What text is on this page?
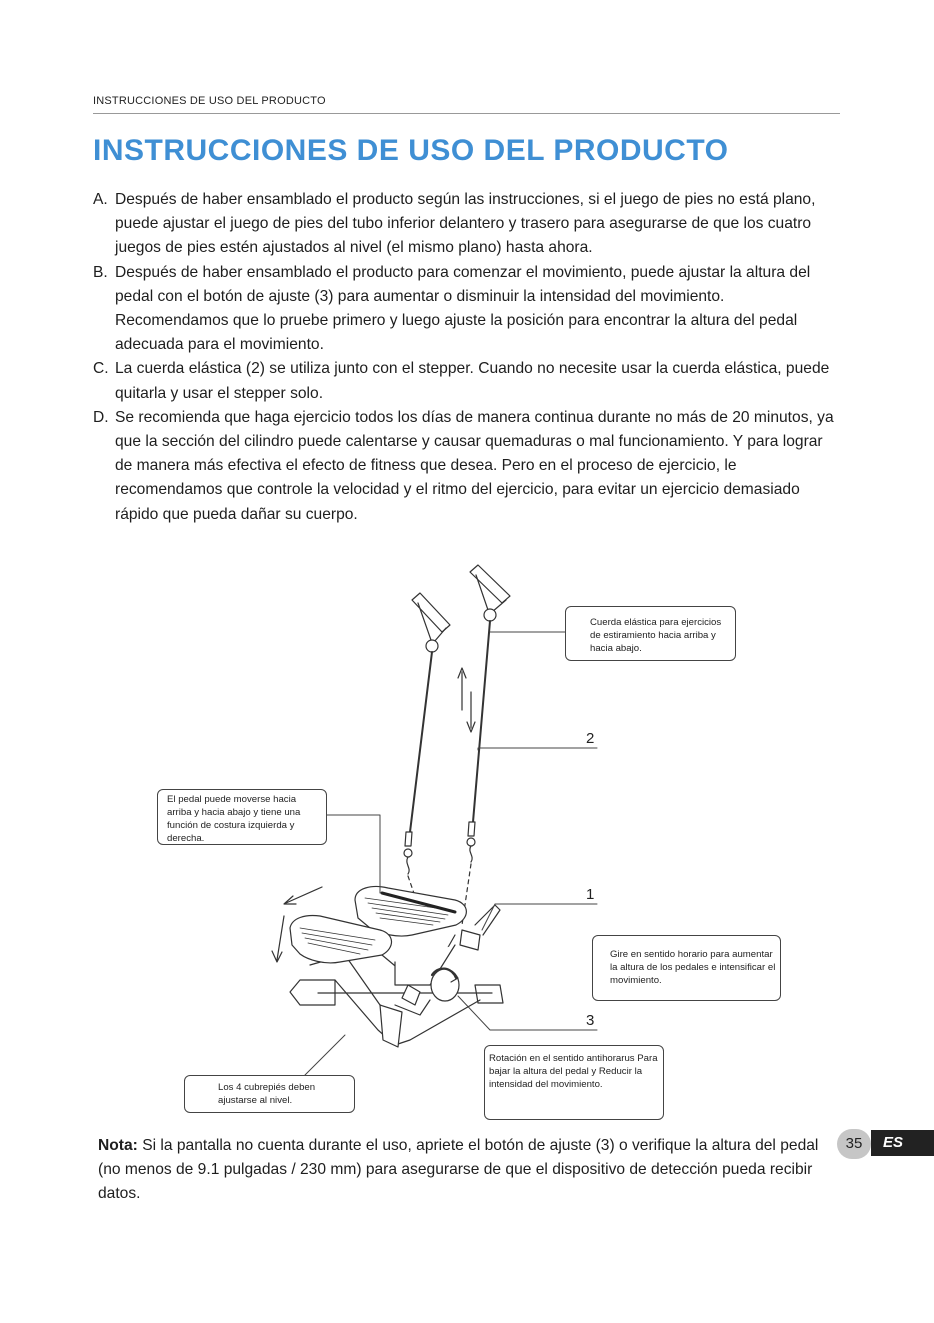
INSTRUCCIONES DE USO DEL PRODUCTO
INSTRUCCIONES DE USO DEL PRODUCTO
A. Después de haber ensamblado el producto según las instrucciones, si el juego de pies no está plano, puede ajustar el juego de pies del tubo inferior delantero y trasero para asegurarse de que los cuatro juegos de pies estén ajustados al nivel (el mismo plano) hasta ahora.
B. Después de haber ensamblado el producto para comenzar el movimiento, puede ajustar la altura del pedal con el botón de ajuste (3) para aumentar o disminuir la intensidad del movimiento. Recomendamos que lo pruebe primero y luego ajuste la posición para encontrar la altura del pedal adecuada para el movimiento.
C. La cuerda elástica (2) se utiliza junto con el stepper. Cuando no necesite usar la cuerda elástica, puede quitarla y usar el stepper solo.
D. Se recomienda que haga ejercicio todos los días de manera continua durante no más de 20 minutos, ya que la sección del cilindro puede calentarse y causar quemaduras o mal funcionamiento. Y para lograr de manera más efectiva el efecto de fitness que desea. Pero en el proceso de ejercicio, le recomendamos que controle la velocidad y el ritmo del ejercicio, para evitar un ejercicio demasiado rápido que pueda dañar su cuerpo.
Cuerda elástica para ejercicios de estiramiento hacia arriba y hacia abajo.
2
El pedal puede moverse hacia arriba y hacia abajo y tiene una función de costura izquierda y derecha.
1
Gire en sentido horario para aumentar la altura de los pedales e intensificar el movimiento.
3
Rotación en el sentido antihorarus Para bajar la altura del pedal y Reducir la intensidad del movimiento.
Los 4 cubrepiés deben ajustarse al nivel.
Nota: Si la pantalla no cuenta durante el uso, apriete el botón de ajuste (3) o verifique la altura del pedal (no menos de 9.1 pulgadas / 230 mm) para asegurarse de que el dispositivo de detección pueda recibir datos.
35	ES
